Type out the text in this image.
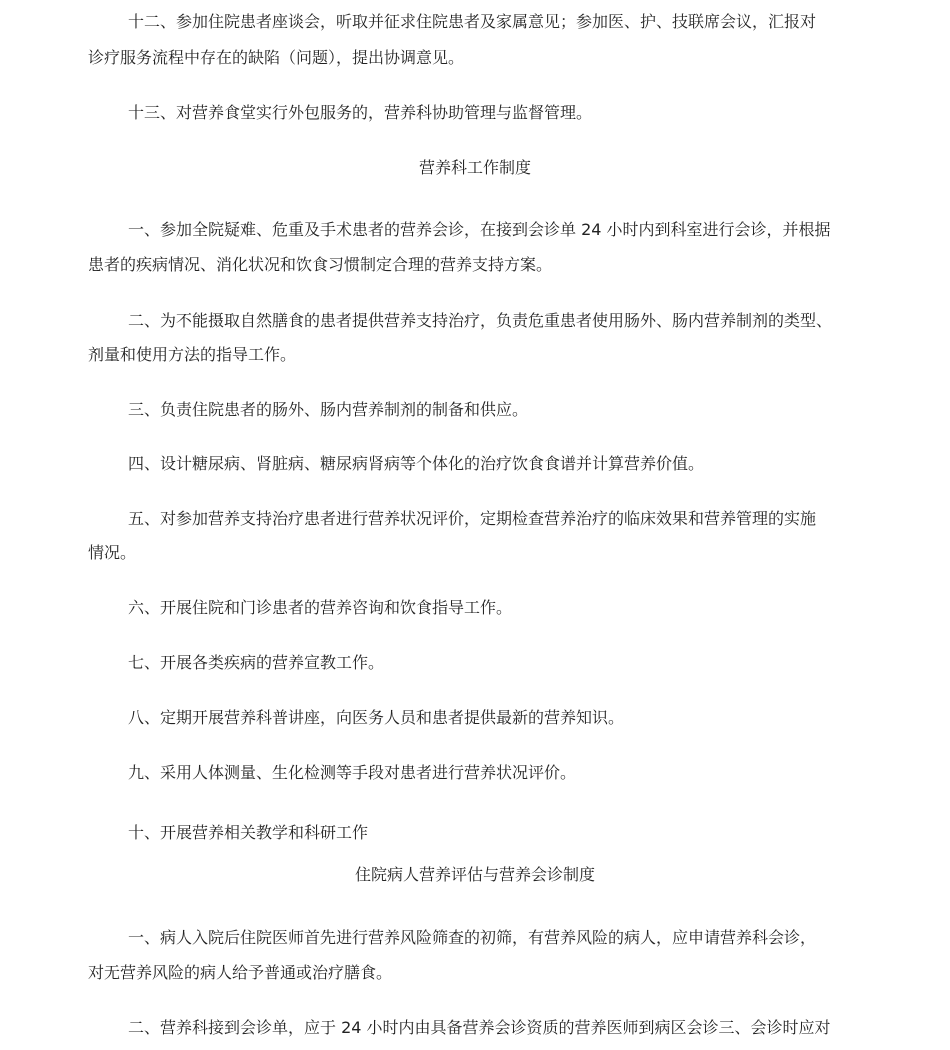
十二、参加住院患者座谈会，听取并征求住院患者及家属意见；参加医、护、技联席会议，汇报对
诊疗服务流程中存在的缺陷（问题），提出协调意见。
十三、对营养食堂实行外包服务的，营养科协助管理与监督管理。
营养科工作制度
一、参加全院疑难、危重及手术患者的营养会诊，在接到会诊单 24 小时内到科室进行会诊，并根据
患者的疾病情况、消化状况和饮食习惯制定合理的营养支持方案。
二、为不能摄取自然膳食的患者提供营养支持治疗，负责危重患者使用肠外、肠内营养制剂的类型、
剂量和使用方法的指导工作。
三、负责住院患者的肠外、肠内营养制剂的制备和供应。
四、设计糖尿病、肾脏病、糖尿病肾病等个体化的治疗饮食食谱并计算营养价值。
五、对参加营养支持治疗患者进行营养状况评价，定期检查营养治疗的临床效果和营养管理的实施
情况。
六、开展住院和门诊患者的营养咨询和饮食指导工作。
七、开展各类疾病的营养宣教工作。
八、定期开展营养科普讲座，向医务人员和患者提供最新的营养知识。
九、采用人体测量、生化检测等手段对患者进行营养状况评价。
十、开展营养相关教学和科研工作
住院病人营养评估与营养会诊制度
一、病人入院后住院医师首先进行营养风险筛查的初筛，有营养风险的病人，应申请营养科会诊，
对无营养风险的病人给予普通或治疗膳食。
二、营养科接到会诊单，应于 24 小时内由具备营养会诊资质的营养医师到病区会诊三、会诊时应对
